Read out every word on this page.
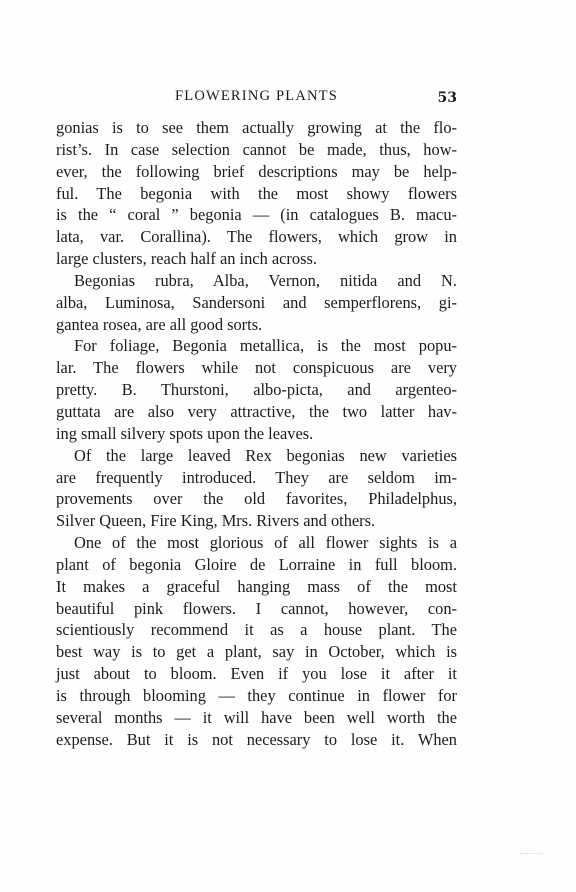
FLOWERING PLANTS	53

gonias is to see them actually growing at the flo-
rist’s. In case selection cannot be made, thus, how-
ever, the following brief descriptions may be help-
ful. The begonia with the most showy flowers
is the “ coral ” begonia — (in catalogues B. macu-
lata, var. Corallina). The flowers, which grow in
large clusters, reach half an inch across.

Begonias rubra, Alba, Vernon, nitida and N.
alba, Luminosa, Sandersoni and semperflorens, gi-
gantea rosea, are all good sorts.

For foliage, Begonia metallica, is the most popu-
lar. The flowers while not conspicuous are very
pretty. B. Thurstoni, albo-picta, and argenteo-
guttata are also very attractive, the two latter hav-
ing small silvery spots upon the leaves.

Of the large leaved Rex begonias new varieties
are frequently introduced. They are seldom im-
provements over the old favorites, Philadelphus,
Silver Queen, Fire King, Mrs. Rivers and others.

One of the most glorious of all flower sights is a
plant of begonia Gloire de Lorraine in full bloom.
It makes a graceful hanging mass of the most
beautiful pink flowers. I cannot, however, con-
scientiously recommend it as a house plant. The
best way is to get a plant, say in October, which is
just about to bloom. Even if you lose it after it
is through blooming — they continue in flower for
several months — it will have been well worth the
expense. But it is not necessary to lose it. When
